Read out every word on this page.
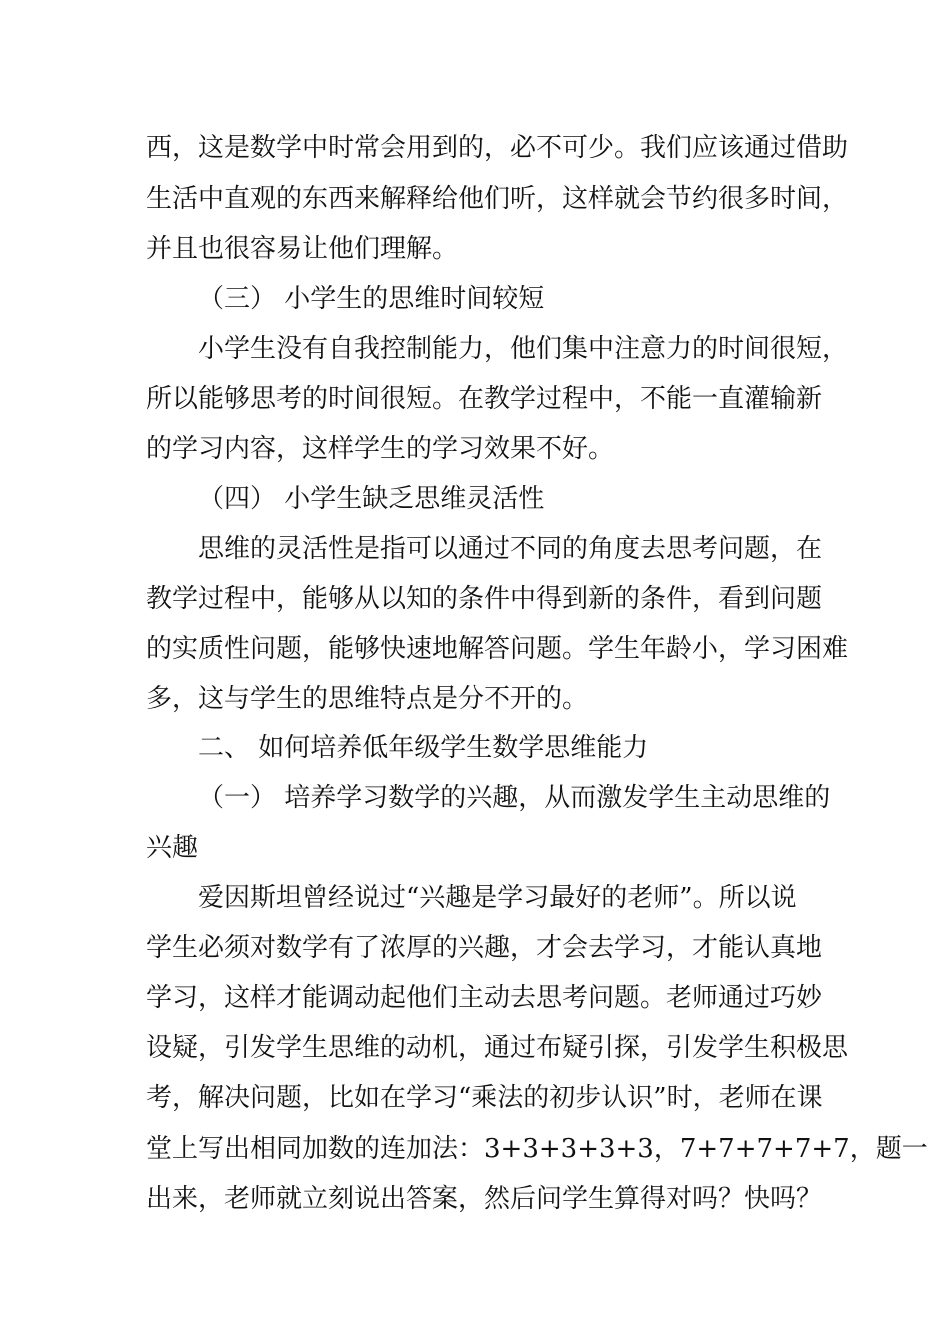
西，这是数学中时常会用到的，必不可少。我们应该通过借助
生活中直观的东西来解释给他们听，这样就会节约很多时间，
并且也很容易让他们理解。
（三） 小学生的思维时间较短
小学生没有自我控制能力，他们集中注意力的时间很短，
所以能够思考的时间很短。在教学过程中，不能一直灌输新
的学习内容，这样学生的学习效果不好。
（四） 小学生缺乏思维灵活性
思维的灵活性是指可以通过不同的角度去思考问题，在
教学过程中，能够从以知的条件中得到新的条件，看到问题
的实质性问题，能够快速地解答问题。学生年龄小，学习困难
多，这与学生的思维特点是分不开的。
二、 如何培养低年级学生数学思维能力
（一） 培养学习数学的兴趣，从而激发学生主动思维的
兴趣
爱因斯坦曾经说过“兴趣是学习最好的老师”。所以说
学生必须对数学有了浓厚的兴趣，才会去学习，才能认真地
学习，这样才能调动起他们主动去思考问题。老师通过巧妙
设疑，引发学生思维的动机，通过布疑引探，引发学生积极思
考，解决问题，比如在学习“乘法的初步认识”时，老师在课
堂上写出相同加数的连加法：3+3+3+3+3，7+7+7+7+7，题一
出来，老师就立刻说出答案，然后问学生算得对吗？快吗？
